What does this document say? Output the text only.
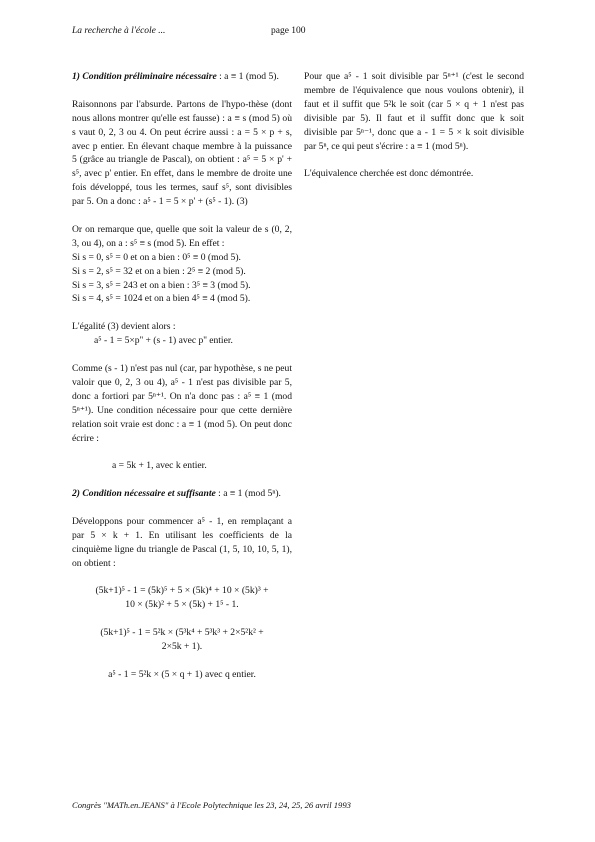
La recherche à l'école ...	page 100

1) Condition préliminaire nécessaire : a ≡ 1 (mod 5).

Raisonnons par l'absurde. Partons de l'hypo-thèse (dont nous allons montrer qu'elle est fausse) : a ≡ s (mod 5) où s vaut 0, 2, 3 ou 4. On peut écrire aussi : a = 5 × p + s, avec p entier. En élevant chaque membre à la puissance 5 (grâce au triangle de Pascal), on obtient : a⁵ = 5 × p' + s⁵, avec p' entier. En effet, dans le membre de droite une fois développé, tous les termes, sauf s⁵, sont divisibles par 5. On a donc : a⁵ - 1 = 5 × p' + (s⁵ - 1). (3)

Or on remarque que, quelle que soit la valeur de s (0, 2, 3, ou 4), on a : s⁵ ≡ s (mod 5). En effet :

Si s = 0, s⁵ = 0 et on a bien : 0⁵ ≡ 0 (mod 5).

Si s = 2, s⁵ = 32 et on a bien : 2⁵ ≡ 2 (mod 5).

Si s = 3, s⁵ = 243 et on a bien : 3⁵ ≡ 3 (mod 5).

Si s = 4, s⁵ = 1024 et on a bien 4⁵ ≡ 4 (mod 5).

L'égalité (3) devient alors :

a⁵ - 1 = 5×p'' + (s - 1) avec p'' entier.

Comme (s - 1) n'est pas nul (car, par hypothèse, s ne peut valoir que 0, 2, 3 ou 4), a⁵ - 1 n'est pas divisible par 5, donc a fortiori par 5ⁿ⁺¹. On n'a donc pas : a⁵ ≡ 1 (mod 5ⁿ⁺¹). Une condition nécessaire pour que cette dernière relation soit vraie est donc : a ≡ 1 (mod 5). On peut donc écrire :

a = 5k + 1, avec k entier.

2) Condition nécessaire et suffisante : a ≡ 1 (mod 5ⁿ).

Développons pour commencer a⁵ - 1, en remplaçant a par 5 × k + 1. En utilisant les coefficients de la cinquième ligne du triangle de Pascal (1, 5, 10, 10, 5, 1), on obtient :

(5k+1)⁵ - 1 = (5k)⁵ + 5 × (5k)⁴ + 10 × (5k)³ +

10 × (5k)² + 5 × (5k) + 1⁵ - 1.

(5k+1)⁵ - 1 = 5²k × (5³k⁴ + 5³k³ + 2×5²k² +

2×5k + 1).

a⁵ - 1 = 5²k × (5 × q + 1) avec q entier.

Pour que a⁵ - 1 soit divisible par 5ⁿ⁺¹ (c'est le second membre de l'équivalence que nous voulons obtenir), il faut et il suffit que 5²k le soit (car 5 × q + 1 n'est pas divisible par 5). Il faut et il suffit donc que k soit divisible par 5ⁿ⁻¹, donc que a - 1 = 5 × k soit divisible par 5ⁿ, ce qui peut s'écrire : a ≡ 1 (mod 5ⁿ).

L'équivalence cherchée est donc démontrée.

Congrès "MATh.en.JEANS" à l'Ecole Polytechnique les 23, 24, 25, 26 avril 1993
